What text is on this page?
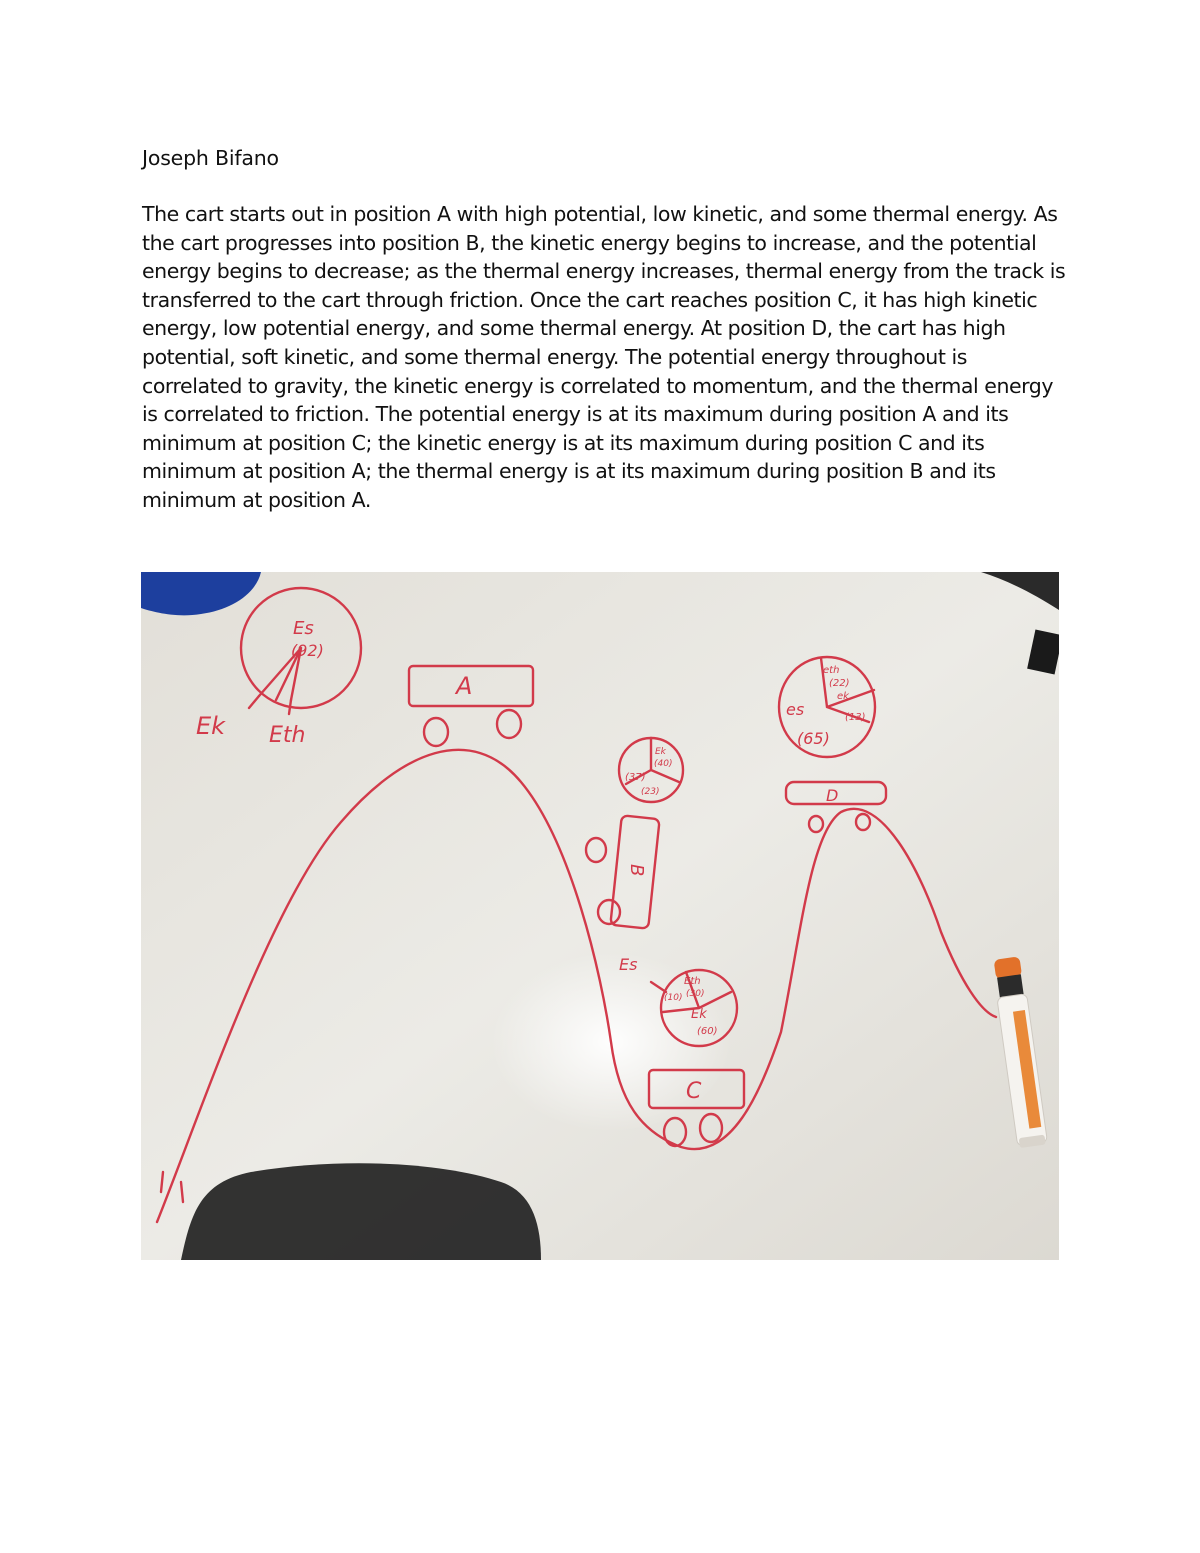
Joseph Bifano

The cart starts out in position A with high potential, low kinetic, and some thermal energy. As the cart progresses into position B, the kinetic energy begins to increase, and the potential energy begins to decrease; as the thermal energy increases, thermal energy from the track is transferred to the cart through friction. Once the cart reaches position C, it has high kinetic energy, low potential energy, and some thermal energy. At position D, the cart has high potential, soft kinetic, and some thermal energy. The potential energy throughout is correlated to gravity, the kinetic energy is correlated to momentum, and the thermal energy is correlated to friction. The potential energy is at its maximum during position A and its minimum at position C; the kinetic energy is at its maximum during position C and its minimum at position A; the thermal energy is at its maximum during position B and its minimum at position A.

A
B
C
D
Es
(92)
Ek Eth
(37)
Ek
(40)
(23)
Es
(10)
Eth
(30)
Ek
(60)
es
(65)
eth
(22)
ek
(13)
